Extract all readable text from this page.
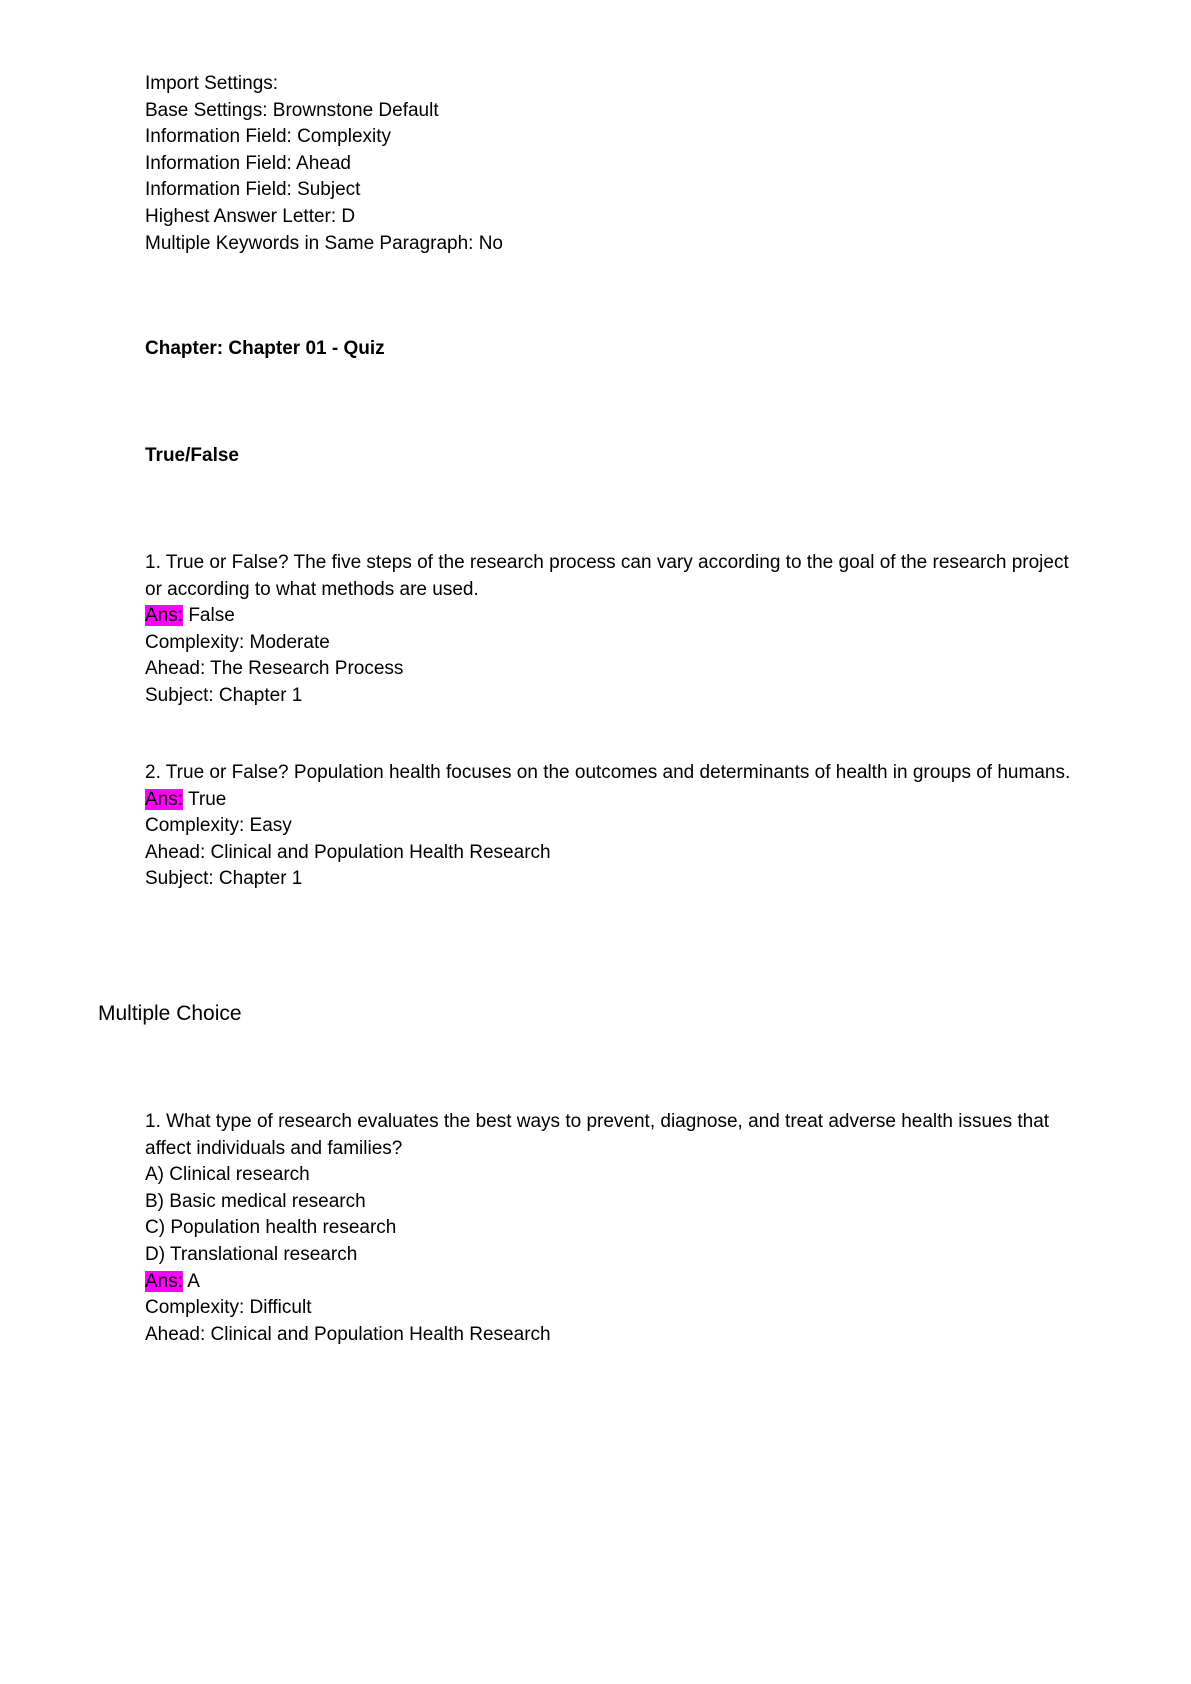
Import Settings:
Base Settings: Brownstone Default
Information Field: Complexity
Information Field: Ahead
Information Field: Subject
Highest Answer Letter: D
Multiple Keywords in Same Paragraph: No
Chapter: Chapter 01 - Quiz
True/False
1. True or False? The five steps of the research process can vary according to the goal of the research project or according to what methods are used.
Ans: False
Complexity: Moderate
Ahead: The Research Process
Subject: Chapter 1
2. True or False? Population health focuses on the outcomes and determinants of health in groups of humans.
Ans: True
Complexity: Easy
Ahead: Clinical and Population Health Research
Subject: Chapter 1
Multiple Choice
1. What type of research evaluates the best ways to prevent, diagnose, and treat adverse health issues that affect individuals and families?
A) Clinical research
B) Basic medical research
C) Population health research
D) Translational research
Ans: A
Complexity: Difficult
Ahead: Clinical and Population Health Research
